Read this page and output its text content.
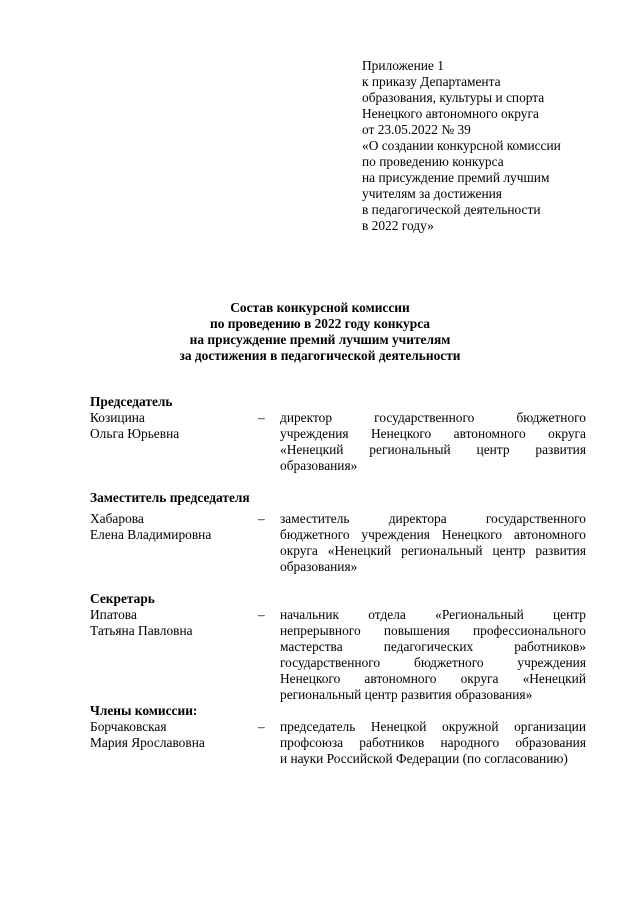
Приложение 1
к приказу Департамента
образования, культуры и спорта
Ненецкого автономного округа
от 23.05.2022 № 39
«О создании конкурсной комиссии
по проведению конкурса
на присуждение премий лучшим
учителям за достижения
в педагогической деятельности
в 2022 году»
Состав конкурсной комиссии
по проведению в 2022 году конкурса
на присуждение премий лучшим учителям
за достижения в педагогической деятельности
Председатель
Козицина
Ольга Юрьевна
– директор государственного бюджетного
учреждения Ненецкого автономного округа
«Ненецкий региональный центр развития
образования»
Заместитель председателя
Хабарова
Елена Владимировна
– заместитель директора государственного
бюджетного учреждения Ненецкого автономного
округа «Ненецкий региональный центр развития
образования»
Секретарь
Ипатова
Татьяна Павловна
– начальник отдела «Региональный центр
непрерывного повышения профессионального
мастерства педагогических работников»
государственного бюджетного учреждения
Ненецкого автономного округа «Ненецкий
региональный центр развития образования»
Члены комиссии:
Борчаковская
Мария Ярославовна
– председатель Ненецкой окружной организации
профсоюза работников народного образования
и науки Российской Федерации (по согласованию)
